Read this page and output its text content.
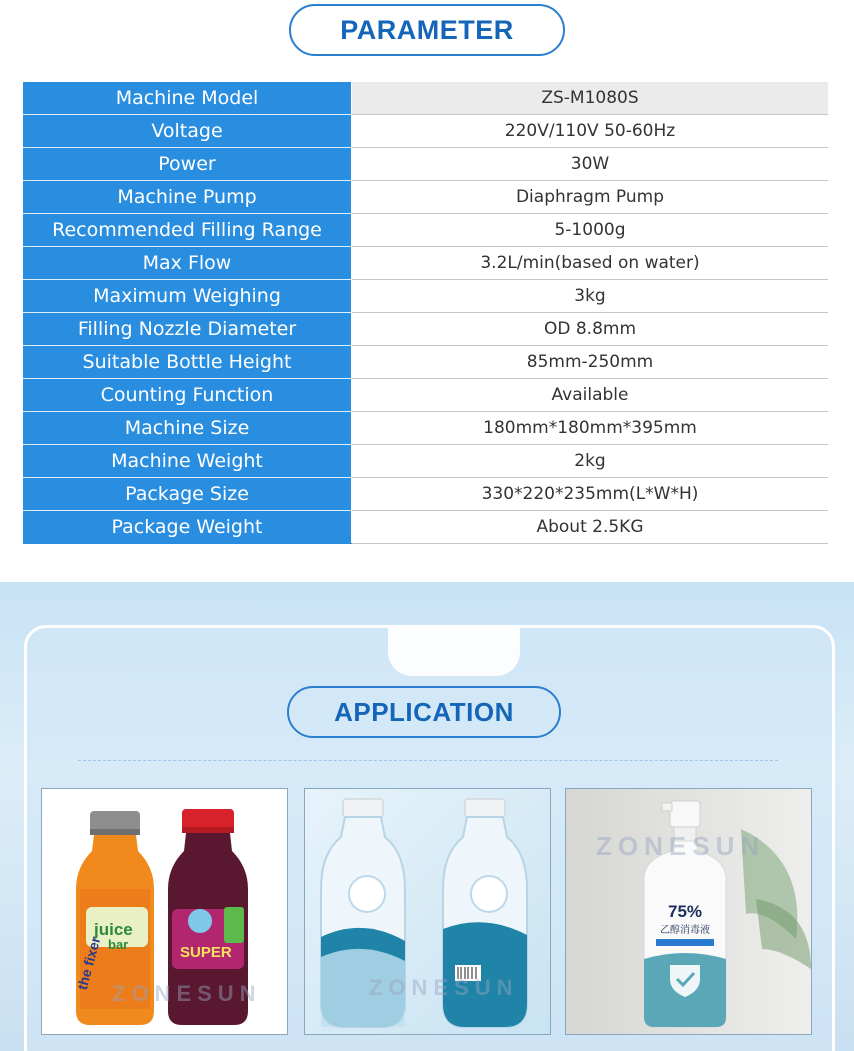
PARAMETER
Machine Model	ZS-M1080S
Voltage	220V/110V 50-60Hz
Power	30W
Machine Pump	Diaphragm Pump
Recommended Filling Range	5-1000g
Max Flow	3.2L/min(based on water)
Maximum Weighing	3kg
Filling Nozzle Diameter	OD 8.8mm
Suitable Bottle Height	85mm-250mm
Counting Function	Available
Machine Size	180mm*180mm*395mm
Machine Weight	2kg
Package Size	330*220*235mm(L*W*H)
Package Weight	About 2.5KG
APPLICATION
juice
bar
the fixer	SUPER
ZONESUN	ZONESUN
75%
乙醇消毒液
ZONESUN
